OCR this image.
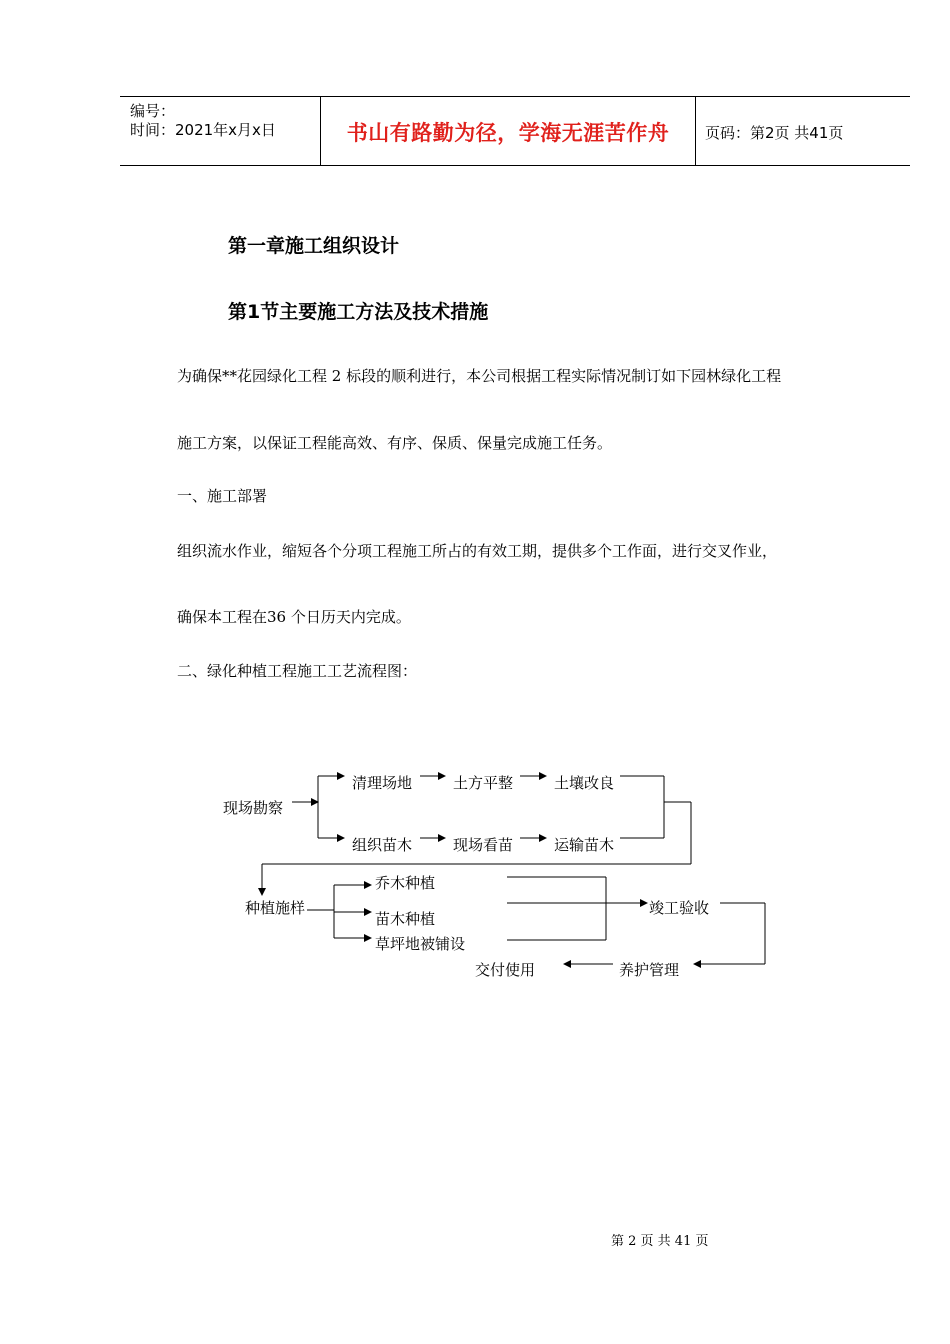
编号：
时间：2021年x月x日	书山有路勤为径，学海无涯苦作舟	页码：第2页 共41页
第一章施工组织设计
第1节主要施工方法及技术措施
为确保**花园绿化工程 2 标段的顺利进行，本公司根据工程实际情况制订如下园林绿化工程
施工方案，以保证工程能高效、有序、保质、保量完成施工任务。
一、施工部署
组织流水作业，缩短各个分项工程施工所占的有效工期，提供多个工作面，进行交叉作业，
确保本工程在36 个日历天内完成。
二、绿化种植工程施工工艺流程图：
现场勘察
清理场地	土方平整	土壤改良
组织苗木	现场看苗	运输苗木
种植施样
乔木种植
苗木种植
草坪地被铺设
竣工验收
养护管理
交付使用
第 2 页 共 41 页
